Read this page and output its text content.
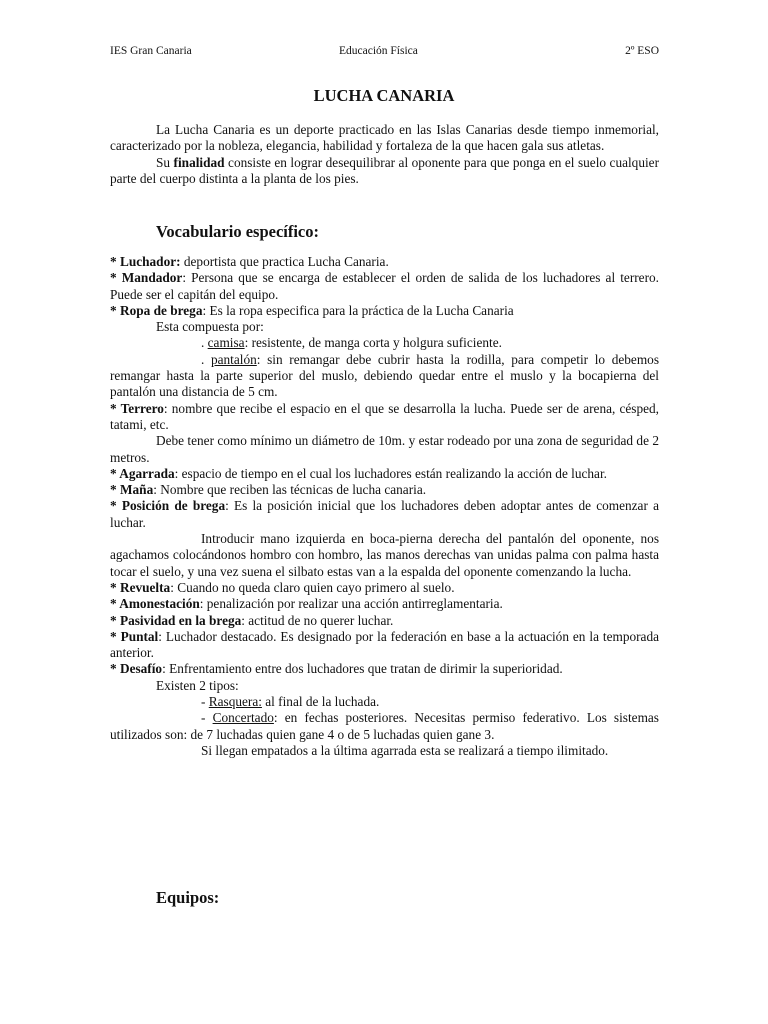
IES Gran Canaria	Educación Física	2º ESO
LUCHA CANARIA

La Lucha Canaria es un deporte practicado en las Islas Canarias desde tiempo inmemorial, caracterizado por la nobleza, elegancia, habilidad y fortaleza de la que hacen gala sus atletas.

Su finalidad consiste en lograr desequilibrar al oponente para que ponga en el suelo cualquier parte del cuerpo distinta a la planta de los pies.

Vocabulario específico:

* Luchador: deportista que practica Lucha Canaria.

* Mandador: Persona que se encarga de establecer el orden de salida de los luchadores al terrero. Puede ser el capitán del equipo.

* Ropa de brega: Es la ropa especifica para la práctica de la Lucha Canaria

Esta compuesta por:

. camisa: resistente, de manga corta y holgura suficiente.

. pantalón: sin remangar debe cubrir hasta la rodilla, para competir lo debemos remangar hasta la parte superior del muslo, debiendo quedar entre el muslo y la bocapierna del pantalón una distancia de 5 cm.

* Terrero: nombre que recibe el espacio en el que se desarrolla la lucha. Puede ser de arena, césped, tatami, etc.

Debe tener como mínimo un diámetro de 10m. y estar rodeado por una zona de seguridad de 2 metros.

* Agarrada: espacio de tiempo en el cual los luchadores están realizando la acción de luchar.

* Maña: Nombre que reciben las técnicas de lucha canaria.

* Posición de brega: Es la posición inicial que los luchadores deben adoptar antes de comenzar a luchar.

Introducir mano izquierda en boca-pierna derecha del pantalón del oponente, nos agachamos colocándonos hombro con hombro, las manos derechas van unidas palma con palma hasta tocar el suelo, y una vez suena el silbato estas van a la espalda del oponente comenzando la lucha.

* Revuelta: Cuando no queda claro quien cayo primero al suelo.

* Amonestación: penalización por realizar una acción antirreglamentaria.

* Pasividad en la brega: actitud de no querer luchar.

* Puntal: Luchador destacado. Es designado por la federación en base a la actuación en la temporada anterior.

* Desafío: Enfrentamiento entre dos luchadores que tratan de dirimir la superioridad.

Existen 2 tipos:

- Rasquera: al final de la luchada.

- Concertado: en fechas posteriores. Necesitas permiso federativo. Los sistemas utilizados son: de 7 luchadas quien gane 4 o de 5 luchadas quien gane 3.

Si llegan empatados a la última agarrada esta se realizará a tiempo ilimitado.

Equipos:
